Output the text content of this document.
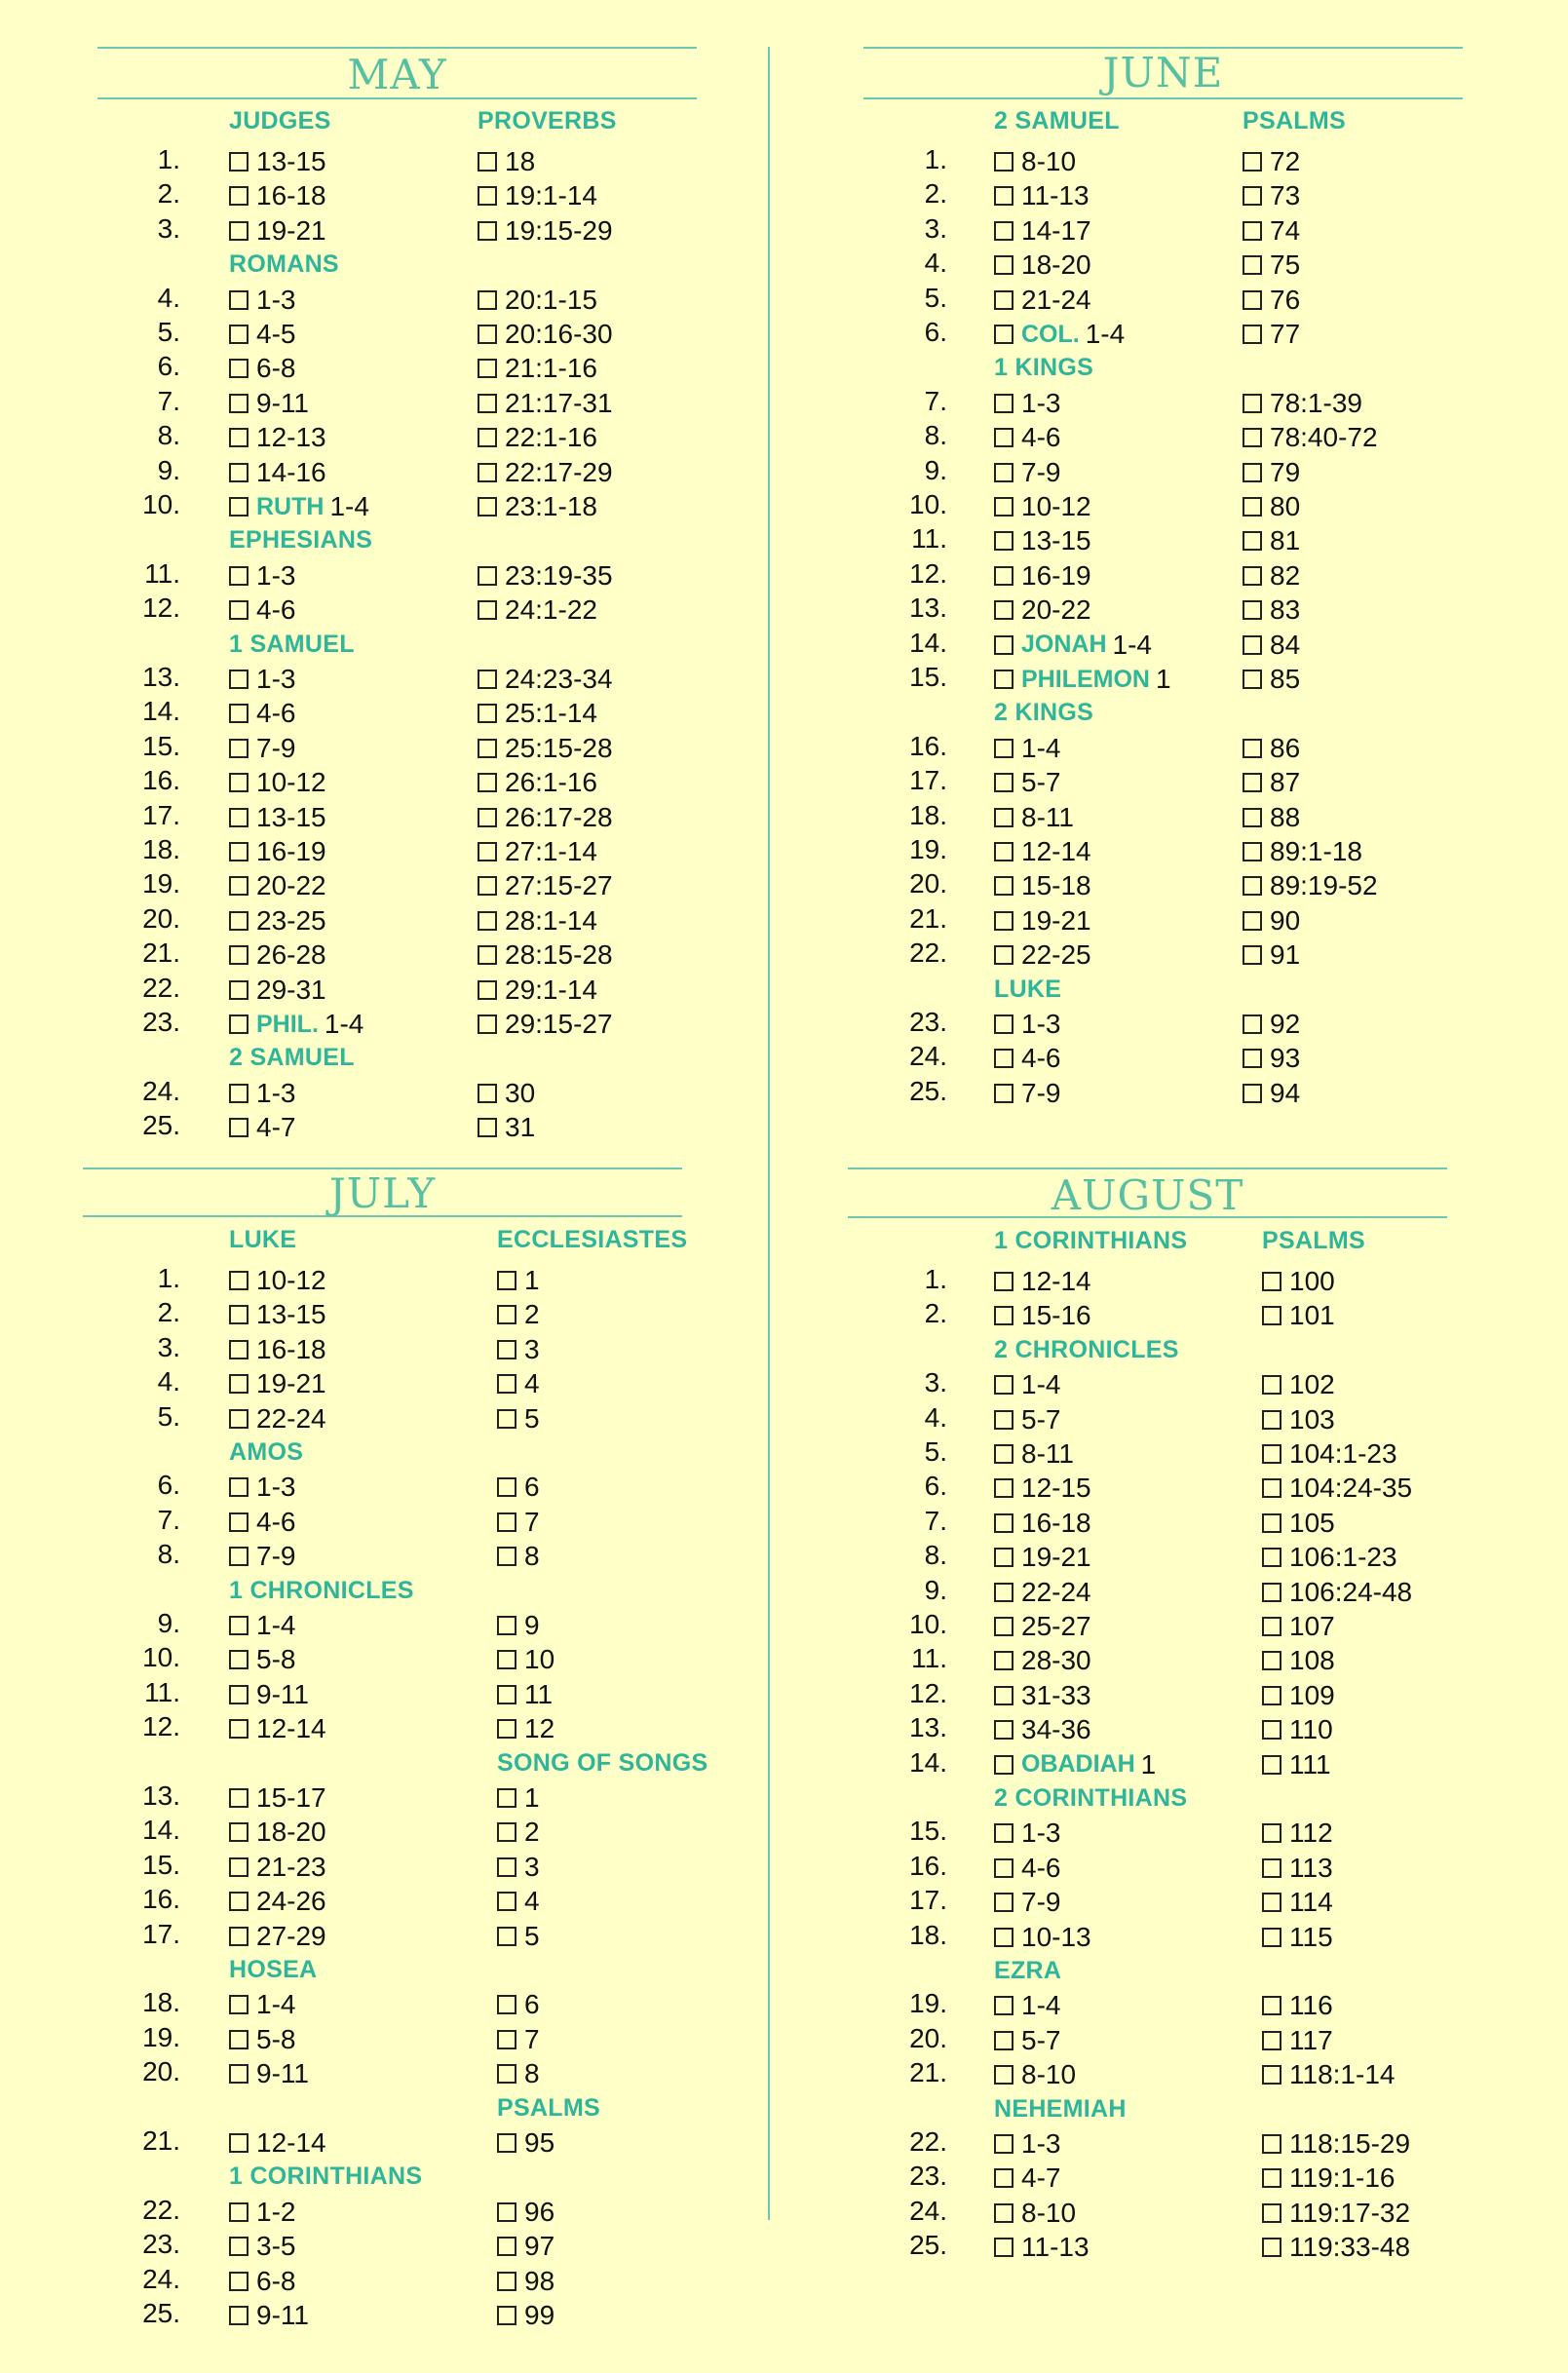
MAY
JUDGES	PROVERBS
1.	13-15	18
2.	16-18	19:1-14
3.	19-21	19:15-29
ROMANS
4.	1-3	20:1-15
5.	4-5	20:16-30
6.	6-8	21:1-16
7.	9-11	21:17-31
8.	12-13	22:1-16
9.	14-16	22:17-29
10.	RUTH 1-4	23:1-18
EPHESIANS
11.	1-3	23:19-35
12.	4-6	24:1-22
1 SAMUEL
13.	1-3	24:23-34
14.	4-6	25:1-14
15.	7-9	25:15-28
16.	10-12	26:1-16
17.	13-15	26:17-28
18.	16-19	27:1-14
19.	20-22	27:15-27
20.	23-25	28:1-14
21.	26-28	28:15-28
22.	29-31	29:1-14
23.	PHIL. 1-4	29:15-27
2 SAMUEL
24.	1-3	30
25.	4-7	31
JUNE
2 SAMUEL	PSALMS
1.	8-10	72
2.	11-13	73
3.	14-17	74
4.	18-20	75
5.	21-24	76
6.	COL. 1-4	77
1 KINGS
7.	1-3	78:1-39
8.	4-6	78:40-72
9.	7-9	79
10.	10-12	80
11.	13-15	81
12.	16-19	82
13.	20-22	83
14.	JONAH 1-4	84
15.	PHILEMON 1	85
2 KINGS
16.	1-4	86
17.	5-7	87
18.	8-11	88
19.	12-14	89:1-18
20.	15-18	89:19-52
21.	19-21	90
22.	22-25	91
LUKE
23.	1-3	92
24.	4-6	93
25.	7-9	94
JULY
LUKE	ECCLESIASTES
1.	10-12	1
2.	13-15	2
3.	16-18	3
4.	19-21	4
5.	22-24	5
AMOS
6.	1-3	6
7.	4-6	7
8.	7-9	8
1 CHRONICLES
9.	1-4	9
10.	5-8	10
11.	9-11	11
12.	12-14	12
SONG OF SONGS
13.	15-17	1
14.	18-20	2
15.	21-23	3
16.	24-26	4
17.	27-29	5
HOSEA
18.	1-4	6
19.	5-8	7
20.	9-11	8
PSALMS
21.	12-14	95
1 CORINTHIANS
22.	1-2	96
23.	3-5	97
24.	6-8	98
25.	9-11	99
AUGUST
1 CORINTHIANS	PSALMS
1.	12-14	100
2.	15-16	101
2 CHRONICLES
3.	1-4	102
4.	5-7	103
5.	8-11	104:1-23
6.	12-15	104:24-35
7.	16-18	105
8.	19-21	106:1-23
9.	22-24	106:24-48
10.	25-27	107
11.	28-30	108
12.	31-33	109
13.	34-36	110
14.	OBADIAH 1	111
2 CORINTHIANS
15.	1-3	112
16.	4-6	113
17.	7-9	114
18.	10-13	115
EZRA
19.	1-4	116
20.	5-7	117
21.	8-10	118:1-14
NEHEMIAH
22.	1-3	118:15-29
23.	4-7	119:1-16
24.	8-10	119:17-32
25.	11-13	119:33-48
